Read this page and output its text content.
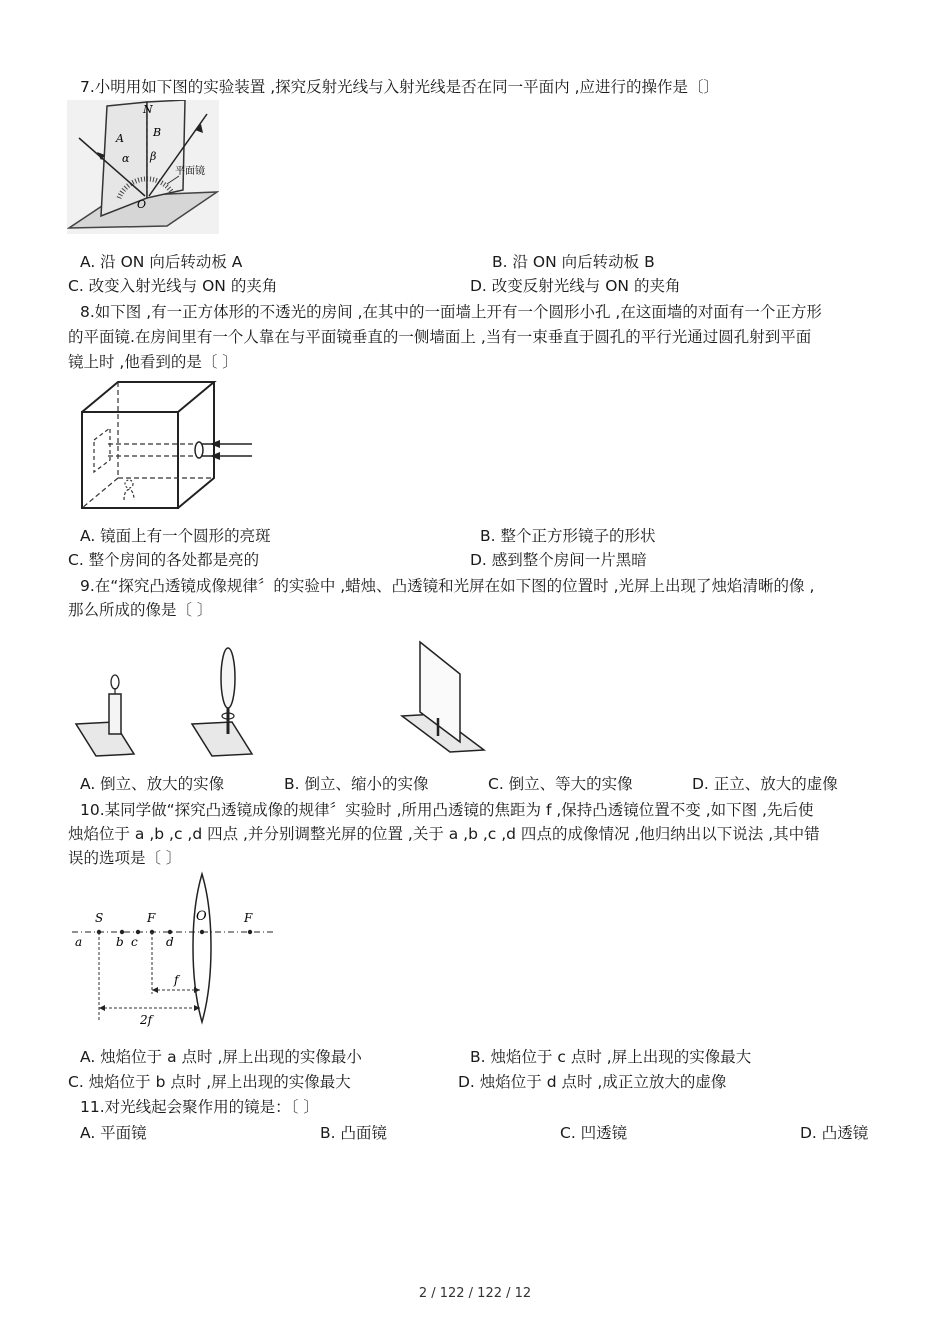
7.小明用如下图的实验装置 ,探究反射光线与入射光线是否在同一平面内 ,应进行的操作是〔〕
N
A	B
α β
O
平面镜
A. 沿 ON 向后转动板 A	B. 沿 ON 向后转动板 B
C. 改变入射光线与 ON 的夹角	D. 改变反射光线与 ON 的夹角
8.如下图 ,有一正方体形的不透光的房间 ,在其中的一面墙上开有一个圆形小孔 ,在这面墙的对面有一个正方形
的平面镜.在房间里有一个人靠在与平面镜垂直的一侧墙面上 ,当有一束垂直于圆孔的平行光通过圆孔射到平面
镜上时 ,他看到的是〔 〕
A. 镜面上有一个圆形的亮斑	B. 整个正方形镜子的形状
C. 整个房间的各处都是亮的	D. 感到整个房间一片黑暗
9.在“探究凸透镜成像规律〞的实验中 ,蜡烛、凸透镜和光屏在如下图的位置时 ,光屏上出现了烛焰清晰的像 ,
那么所成的像是〔 〕
A. 倒立、放大的实像	B. 倒立、缩小的实像	C. 倒立、等大的实像	D. 正立、放大的虚像
10.某同学做“探究凸透镜成像的规律〞实验时 ,所用凸透镜的焦距为 f ,保持凸透镜位置不变 ,如下图 ,先后使
烛焰位于 a ,b ,c ,d 四点 ,并分别调整光屏的位置 ,关于 a ,b ,c ,d 四点的成像情况 ,他归纳出以下说法 ,其中错
误的选项是〔 〕
S	F	O	F
a	b c d
f
2f
A. 烛焰位于 a 点时 ,屏上出现的实像最小	B. 烛焰位于 c 点时 ,屏上出现的实像最大
C. 烛焰位于 b 点时 ,屏上出现的实像最大	D. 烛焰位于 d 点时 ,成正立放大的虚像
11.对光线起会聚作用的镜是：〔 〕
A. 平面镜	B. 凸面镜	C. 凹透镜	D. 凸透镜
2 / 122 / 122 / 12
